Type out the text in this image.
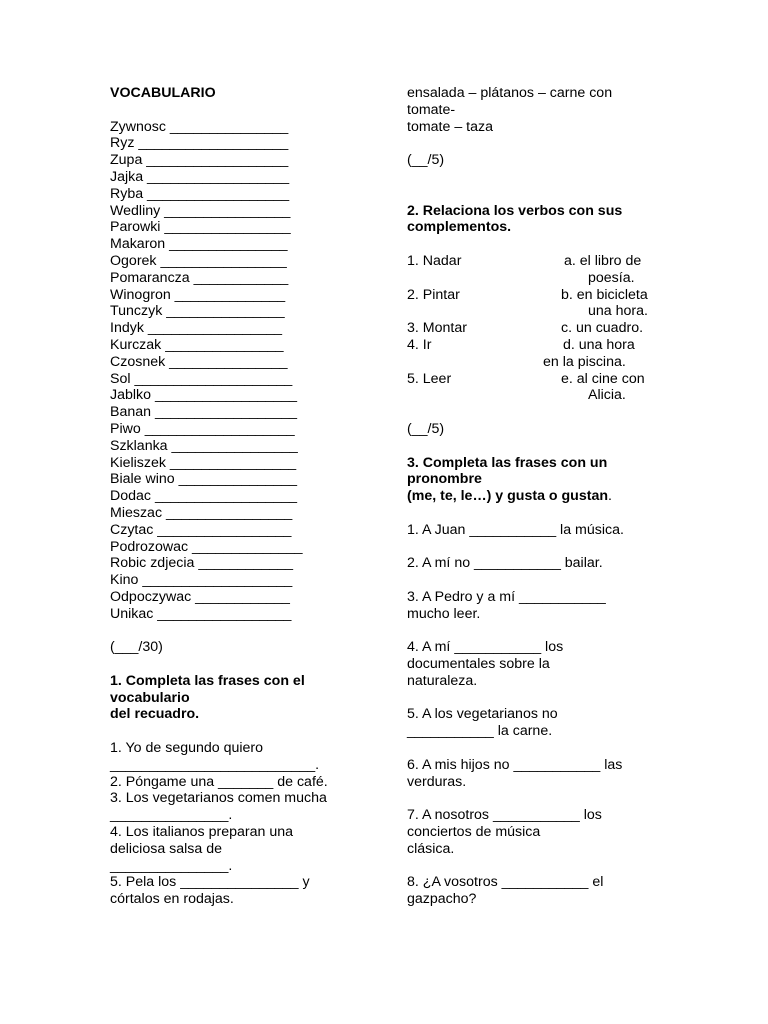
VOCABULARIO
Zywnosc _______________
Ryz ___________________
Zupa __________________
Jajka __________________
Ryba __________________
Wedliny ________________
Parowki ________________
Makaron _______________
Ogorek ________________
Pomarancza ____________
Winogron ______________
Tunczyk _______________
Indyk _________________
Kurczak _______________
Czosnek _______________
Sol ____________________
Jablko __________________
Banan __________________
Piwo ___________________
Szklanka ________________
Kieliszek ________________
Biale wino _______________
Dodac __________________
Mieszac ________________
Czytac _________________
Podrozowac ______________
Robic zdjecia ____________
Kino ___________________
Odpoczywac ____________
Unikac _________________
(___/30)
1. Completa las frases con el
vocabulario
del recuadro.
1. Yo de segundo quiero
__________________________.
2. Póngame una _______ de café.
3. Los vegetarianos comen mucha
_______________.
4. Los italianos preparan una
deliciosa salsa de
_______________.
5. Pela los _______________ y
córtalos en rodajas.
ensalada – plátanos – carne con
tomate-
tomate – taza
(__/5)
2. Relaciona los verbos con sus
complementos.
1. Nadar	a. el libro de
poesía.
2. Pintar	b. en bicicleta
una hora.
3. Montar	c. un cuadro.
4. Ir	d. una hora
en la piscina.
5. Leer	e. al cine con
Alicia.
(__/5)
3. Completa las frases con un
pronombre
(me, te, le…) y gusta o gustan.
1. A Juan ___________ la música.
2. A mí no ___________ bailar.
3. A Pedro y a mí ___________
mucho leer.
4. A mí ___________ los
documentales sobre la
naturaleza.
5. A los vegetarianos no
___________ la carne.
6. A mis hijos no ___________ las
verduras.
7. A nosotros ___________ los
conciertos de música
clásica.
8. ¿A vosotros ___________ el
gazpacho?
